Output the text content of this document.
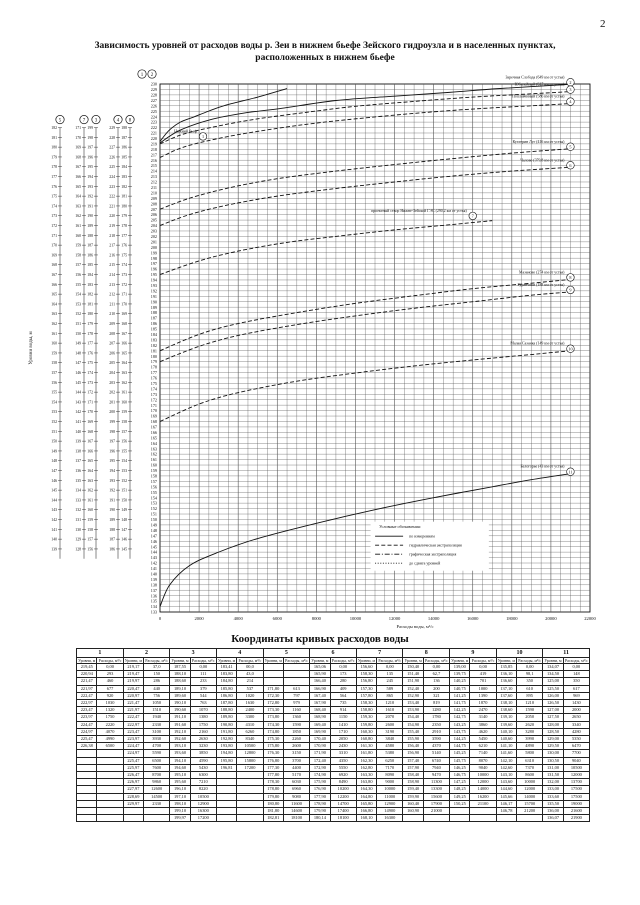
2
Зависимость уровней от расходов воды р. Зеи в нижнем бьефе Зейского гидроузла и в населенных пунктах,
расположенных в нижнем бьефе
0	2000	4000	6000	8000	10000	12000	14000	16000	18000	20000	22000
Расходы воды, м³/с
133
134
135
136
137
138
139
140
141
142
143
144
145
146
147
148
149
150
151
152
153
154
155
156
157
158
159
160
161
162
163
164
165
166
167
168
169
170
171
172
173
174
175
176
177
178
179
180
181
182
183
184
185
186
187
188
189
190
191
192
193
194
195
196
197
198
199
200
201
202
203
204
205
206
207
208
209
210
211
212
213
214
215
216
217
218
219
220
221
222
223
224
225
226
227
228
229
230
1 2
3
199
198
197
196
195
194
193
192
191
190
189
188
187
186
185
184
183
182
181
180
179
178
177
176
175
174
173
172
171
170
169
168
167
166
165
164
163
162
161
160
159
158
157
156
4
229
228
227
226
225
224
223
222
221
220
219
218
217
216
215
214
213
212
211
210
209
208
207
206
205
204
203
202
201
200
199
198
197
196
195
194
193
192
191
190
189
188
187
186
5
182
181
180
179
178
177
176
175
174
173
172
171
170
169
168
167
166
165
164
163
162
161
160
159
158
157
156
155
154
153
152
151
150
149
148
147
146
145
144
143
142
141
140
139
7
171
170
169
168
167
166
165
164
163
162
161
160
159
158
157
156
155
154
153
152
151
150
149
148
147
146
145
144
143
142
141
140
139
138
137
136
135
134
133
132
131
130
129
128
8
188
187
186
185
184
183
182
181
180
179
178
177
176
175
174
173
172
171
170
169
168
167
166
165
164
163
162
161
160
159
158
157
156
155
154
153
152
151
150
149
148
147
146
145
Уровни воды, м
Нижний бьеф
1
Заречная Слобода (649 км от устья)
2
Юбилейный (617 км от устья)
3
Поплавчиный (586 км от устья)
4
Кухтерин Луг (416 км от устья)
5
Чалово (379,8 км от устья)
6
проектный створ Нижне-Зейской ГЭС (290,2 км от устья)
7
Мазаново (274 км от устья)
8
Гуранчики (188 км от устья)
9
Малая Сазанка (149 км от устья)
10
Белогорье (43 км от устья)
11
Условные обозначения:
по измерениям
гидравлическая экстраполяция
графическая экстраполяция
до сдвига уровней
Координаты кривых расходов воды
1		2		3		4		5		6		7		8		9		10		11	
Уровни, м	Расходы, м³/с	Уровни, м	Расходы, м³/с	Уровни, м	Расходы, м³/с	Уровни, м	Расходы, м³/с	Уровни, м	Расходы, м³/с	Уровни, м	Расходы, м³/с	Уровни, м	Расходы, м³/с	Уровни, м	Расходы, м³/с	Уровни, м	Расходы, м³/с	Уровни, м	Расходы, м³/с	Уровни, м	Расходы, м³/с
219,45	0,00	219,17	37,0	187,55	0,00	183,41	00,0			165,06	0,00	156,60	0,00	150,40	0,00	139,00	0,00	135,85	0,00	134,07	0,00
220,94	293	219,47	150	188,10	111	183,80	43,0			165,90	173	158,30	135	151,40	62,7	139,75	419	136,10	98,1	134,50	148
221,47	460	219,97	286	188,60	233	184,80	214			166,40	280	156,80	245	151,90	136	140,25	701	136,60	350	125,00	350
221,97	677	220,47	440	189,10	379	185,80	537	171,80	613	166,90	409	157,30	589	152,40	200	140,75	1000	137,10	610	125,50	617
222,47	920	220,97	756	189,60	544	186,80	1020	172,30	797	167,40	564	157,80	865	152,90	321	141,25	1390	137,60	895	126,00	969
222,97	1030	221,47	1050	190,10	763	187,80	1630	172,80	979	167,90	735	158,30	1210	153,40	819	141,75	1870	138,10	1210	126,50	1430
223,47	1320	221,97	1510	190,60	1070	188,80	2400	173,30	1160	168,40	914	158,80	1610	153,90	1280	142,25	2470	138,60	1590	127,00	2000
223,97	1750	222,47	1940	191,10	1380	189,80	3300	173,80	1360	168,90	1150	159,30	2070	154,40	1780	142,75	3140	139,10	2050	127,50	2650
224,47	2220	222,97	2330	191,60	1750	190,80	4310	174,30	1590	169,40	1410	159,80	2600	154,90	2350	143,25	3860	139,60	2620	128,00	3340
224,97	4070	223,47	3100	192,10	2160	191,80	6260	174,80	1850	169,90	1710	160,30	3190	155,40	2910	143,75	4620	140,10	3280	128,50	4280
225,47	4990	223,97	3930	192,60	2630	192,80	8340	175,30	2260	170,40	2050	160,80	3840	155,90	3590	144,25	5450	140,60	3990	129,00	5350
226,38	6500	224,47	4700	193,10	3230	193,80	10500	175,80	2600	170,90	2430	161,30	4580	156,40	4370	144,75	6210	141,10	4890	129,50	6470
		224,97	5590	193,60	3850	194,80	12800	176,30	3150	171,90	3310	161,80	5380	156,90	5140	145,25	7140	141,60	5800	130,00	7700
		225,47	6500	194,10	4590	195,80	15800	176,80	3700	172,40	4350	162,30	6250	157,40	6740	145,75	8070	142,10	6310	130,50	9040
		225,97	7600	194,60	5430	196,81	17200	177,30	4400	172,90	5550	162,80	7170	157,90	7940	146,25	9040	142,60	7370	131,00	10500
		226,47	8700	195,10	6300			177,80	5170	174,90	6920	163,30	8090	158,40	9470	146,75	10000	143,10	8600	131,50	12000
		226,97	9860	195,60	7210			178,30	6030	175,90	8490	163,80	9000	158,90	11300	147,25	12000	143,60	10000	132,00	13700
		227,97	12600	196,10	8220			178,80	6960	176,90	10200	164,30	10000	159,40	13300	148,25	14000	144,60	12000	133,00	17500
		228,69	14500	197,10	10500			179,80	9080	177,90	12200	164,80	11000	159,90	15600	149,25	16200	145,66	14000	133,60	17500
		229,97	2330	198,10	12900			180,80	11600	178,90	14700	165,80	12900	160,40	17900	150,25	21100	146,17	15700	135,50	19000
				199,10	16300			181,80	14600	179,90	17400	166,80	14900	160,90	21000			146,78	21200	136,00	21600
				199,97	17200			182,81	18100	180,14	18100	168,10	16300							136,07	21900
